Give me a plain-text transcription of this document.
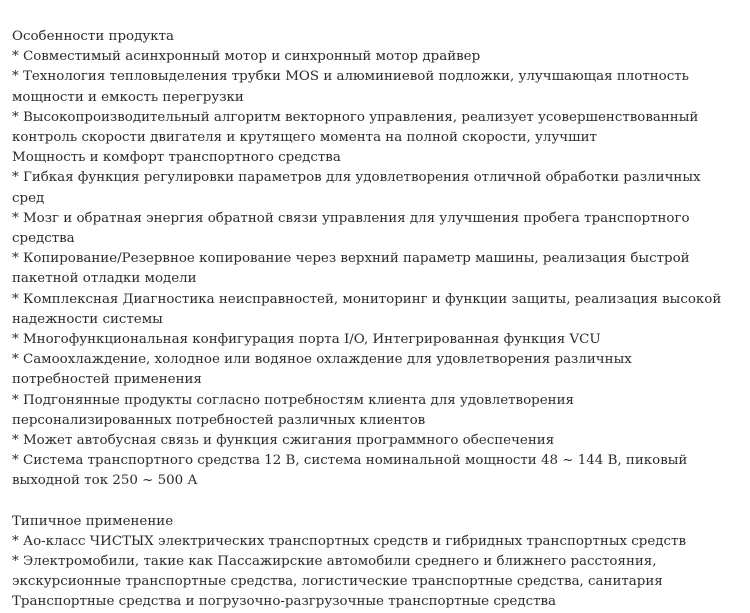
Особенности продукта

* Совместимый асинхронный мотор и синхронный мотор драйвер

* Технология тепловыделения трубки MOS и алюминиевой подложки, улучшающая плотность мощности и емкость перегрузки

* Высокопроизводительный алгоритм векторного управления, реализует усовершенствованный контроль скорости двигателя и крутящего момента на полной скорости, улучшит

Мощность и комфорт транспортного средства

* Гибкая функция регулировки параметров для удовлетворения отличной обработки различных сред

* Мозг и обратная энергия обратной связи управления для улучшения пробега транспортного средства

* Копирование/Резервное копирование через верхний параметр машины, реализация быстрой пакетной отладки модели

* Комплексная Диагностика неисправностей, мониторинг и функции защиты, реализация высокой надежности системы

* Многофункциональная конфигурация порта I/O, Интегрированная функция VCU

* Самоохлаждение, холодное или водяное охлаждение для удовлетворения различных потребностей применения

* Подгонянные продукты согласно потребностям клиента для удовлетворения персонализированных потребностей различных клиентов

* Может автобусная связь и функция сжигания программного обеспечения

* Система транспортного средства 12 В, система номинальной мощности 48 ~ 144 В, пиковый выходной ток 250 ~ 500 А

Типичное применение

* Ао-класс ЧИСТЫХ электрических транспортных средств и гибридных транспортных средств

* Электромобили, такие как Пассажирские автомобили среднего и ближнего расстояния, экскурсионные транспортные средства, логистические транспортные средства, санитария

Транспортные средства и погрузочно-разгрузочные транспортные средства
